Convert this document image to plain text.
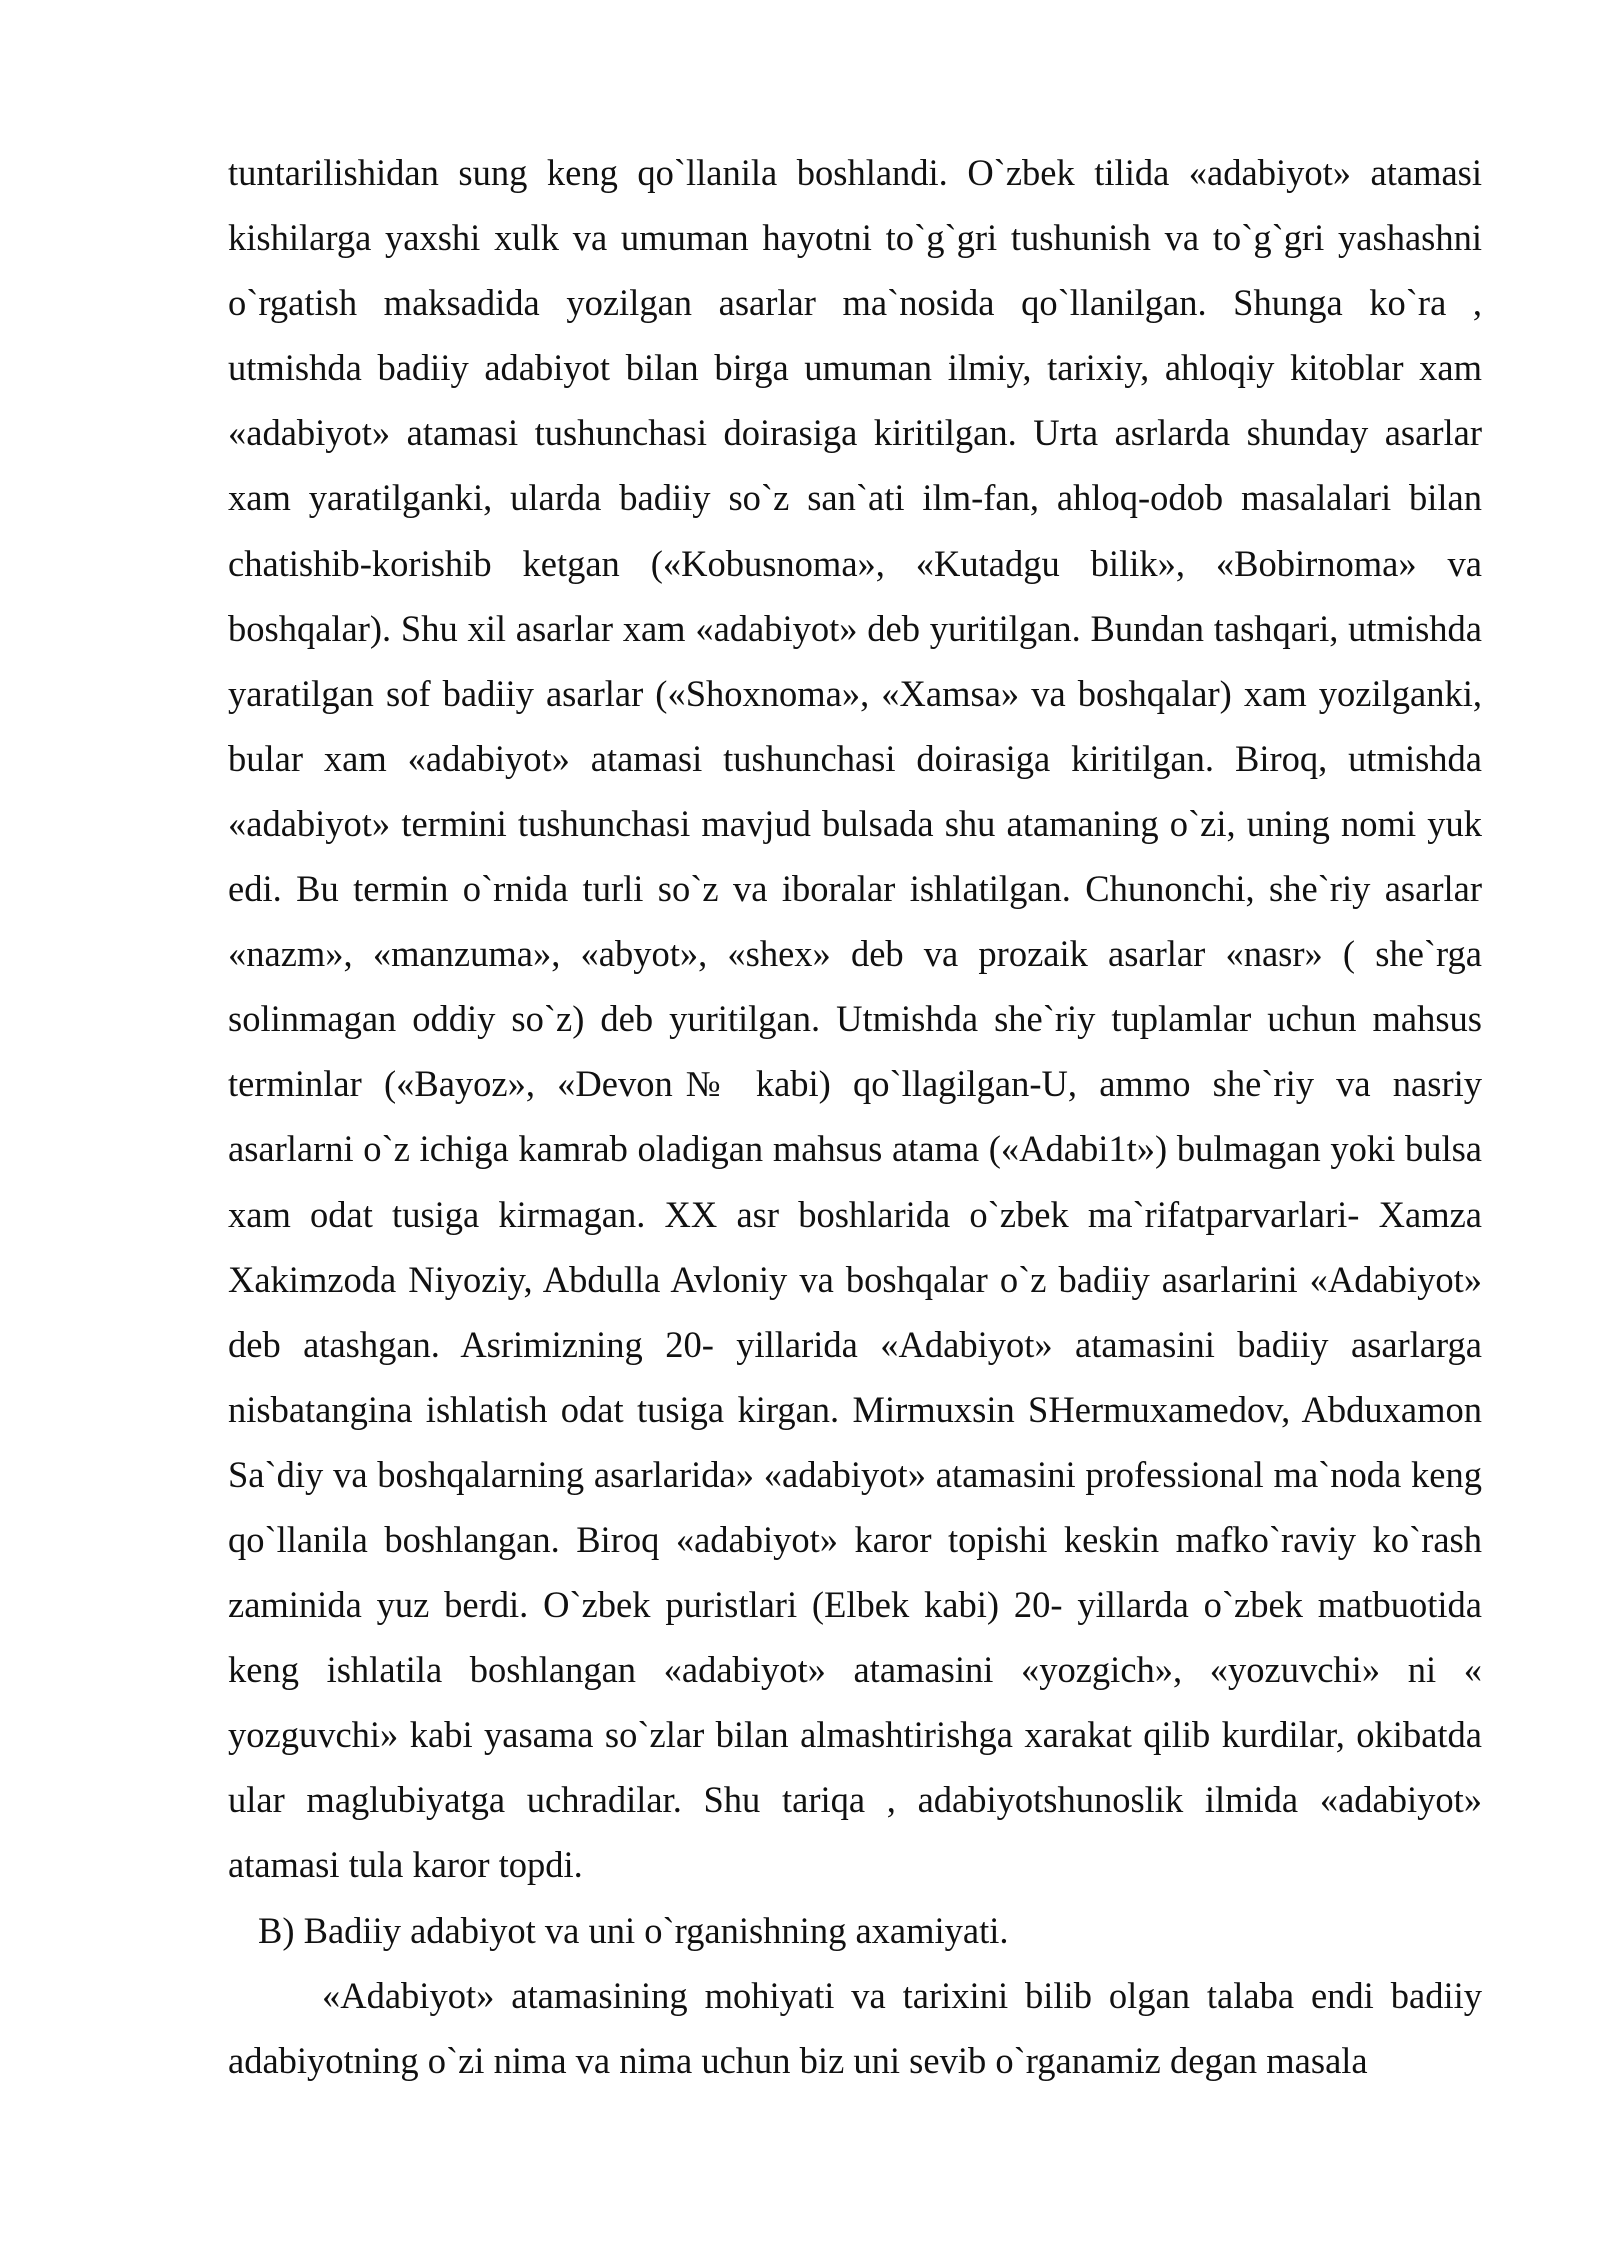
tuntarilishidan sung keng qo`llanila boshlandi. O`zbek tilida «adabiyot» atamasi kishilarga yaxshi xulk va umuman hayotni to`g`gri tushunish va to`g`gri yashashni o`rgatish maksadida yozilgan asarlar ma`nosida qo`llanilgan. Shunga ko`ra , utmishda badiiy adabiyot bilan birga umuman ilmiy, tarixiy, ahloqiy kitoblar xam «adabiyot» atamasi tushunchasi doirasiga kiritilgan. Urta asrlarda shunday asarlar xam yaratilganki, ularda badiiy so`z san`ati ilm-fan, ahloq-odob masalalari bilan chatishib-korishib ketgan («Kobusnoma», «Kutadgu bilik», «Bobirnoma» va boshqalar). Shu xil asarlar xam «adabiyot» deb yuritilgan. Bundan tashqari, utmishda yaratilgan sof badiiy asarlar («Shoxnoma», «Xamsa» va boshqalar) xam yozilganki, bular xam «adabiyot» atamasi tushunchasi doirasiga kiritilgan. Biroq, utmishda «adabiyot» termini tushunchasi mavjud bulsada shu atamaning o`zi, uning nomi yuk edi. Bu termin o`rnida turli so`z va iboralar ishlatilgan. Chunonchi, she`riy asarlar «nazm», «manzuma», «abyot», «shex» deb va prozaik asarlar «nasr» ( she`rga solinmagan oddiy so`z) deb yuritilgan. Utmishda she`riy tuplamlar uchun mahsus terminlar («Bayoz», «Devon№ kabi) qo`llagilgan-U, ammo she`riy va nasriy asarlarni o`z ichiga kamrab oladigan mahsus atama («Adabi1t») bulmagan yoki bulsa xam odat tusiga kirmagan. XX asr boshlarida o`zbek ma`rifatparvarlari- Xamza Xakimzoda Niyoziy, Abdulla Avloniy va boshqalar o`z badiiy asarlarini «Adabiyot» deb atashgan. Asrimizning 20- yillarida «Adabiyot» atamasini badiiy asarlarga nisbatangina ishlatish odat tusiga kirgan. Mirmuxsin SHermuxamedov, Abduxamon Sa`diy va boshqalarning asarlarida» «adabiyot» atamasini professional ma`noda keng qo`llanila boshlangan. Biroq «adabiyot» karor topishi keskin mafko`raviy ko`rash zaminida yuz berdi. O`zbek puristlari (Elbek kabi) 20- yillarda o`zbek matbuotida keng ishlatila boshlangan «adabiyot» atamasini «yozgich», «yozuvchi» ni « yozguvchi» kabi yasama so`zlar bilan almashtirishga xarakat qilib kurdilar, okibatda ular maglubiyatga uchradilar. Shu tariqa , adabiyotshunoslik ilmida «adabiyot» atamasi tula karor topdi.

B) Badiiy adabiyot va uni o`rganishning axamiyati.

«Adabiyot» atamasining mohiyati va tarixini bilib olgan talaba endi badiiy adabiyotning o`zi nima va nima uchun biz uni sevib o`rganamiz degan masala
